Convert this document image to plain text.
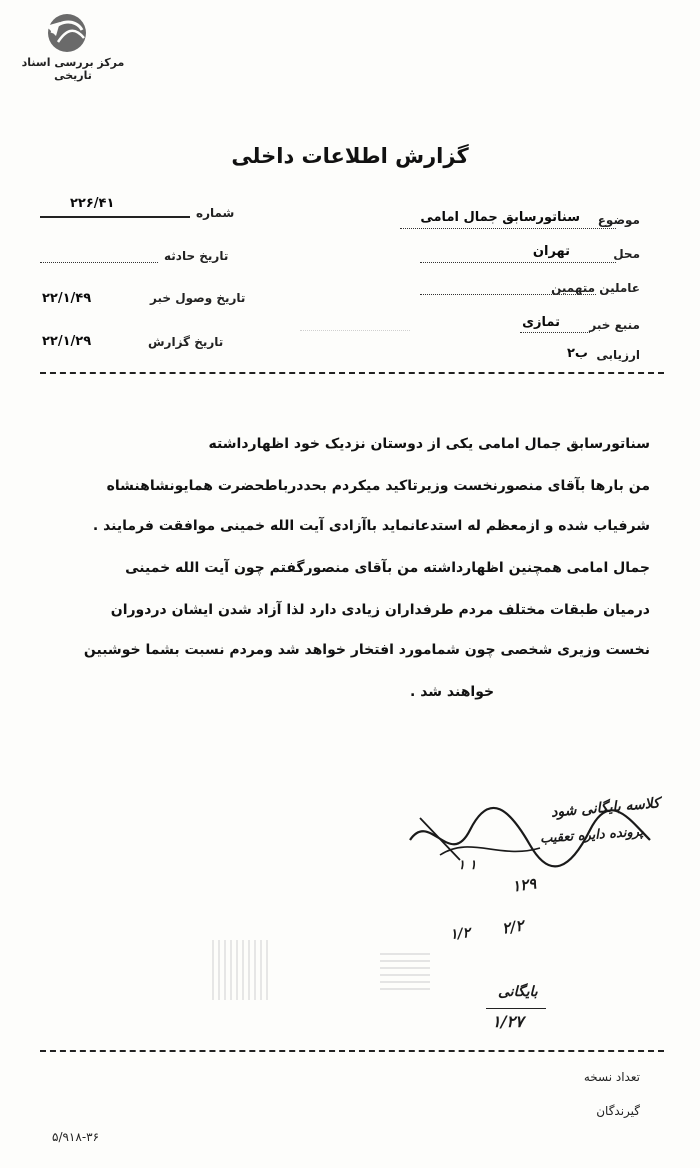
مرکز بررسی اسناد تاریخی
گزارش اطلاعات داخلی
موضوع
سناتورسابق جمال امامی
محل
تهران
عاملین متهمین
منبع خبر
تمازی
ارزیابی
ب۲
شماره
۲۲۶/۴۱
تاریخ حادثه
تاریخ وصول خبر
۲۲/۱/۴۹
تاریخ گزارش
۲۲/۱/۲۹
سناتورسابق جمال امامی یکی از دوستان نزدیک خود اظهارداشته
من بارها بآقای منصورنخست وزیرتاکید میکردم بحددرباطحضرت همایونشاهنشاه
شرفیاب شده و ازمعظم له استدعانماید باآزادی آیت الله خمینی موافقت فرمایند .
جمال امامی همچنین اظهارداشته من بآقای منصورگفتم چون آیت الله خمینی
درمیان طبقات مختلف مردم طرفداران زیادی دارد لذا آزاد شدن ایشان دردوران
نخست وزیری شخصی چون شمامورد افتخار خواهد شد ومردم نسبت بشما خوشبین
خواهند شد .
کلاسه بایگانی شود
پرونده دایره تعقیب
۱ ۱
۱۲۹
۲/۲
۱/۲
بایگانی
۱/۲۷
تعداد نسخه
گیرندگان
۵/۹۱۸-۳۶
